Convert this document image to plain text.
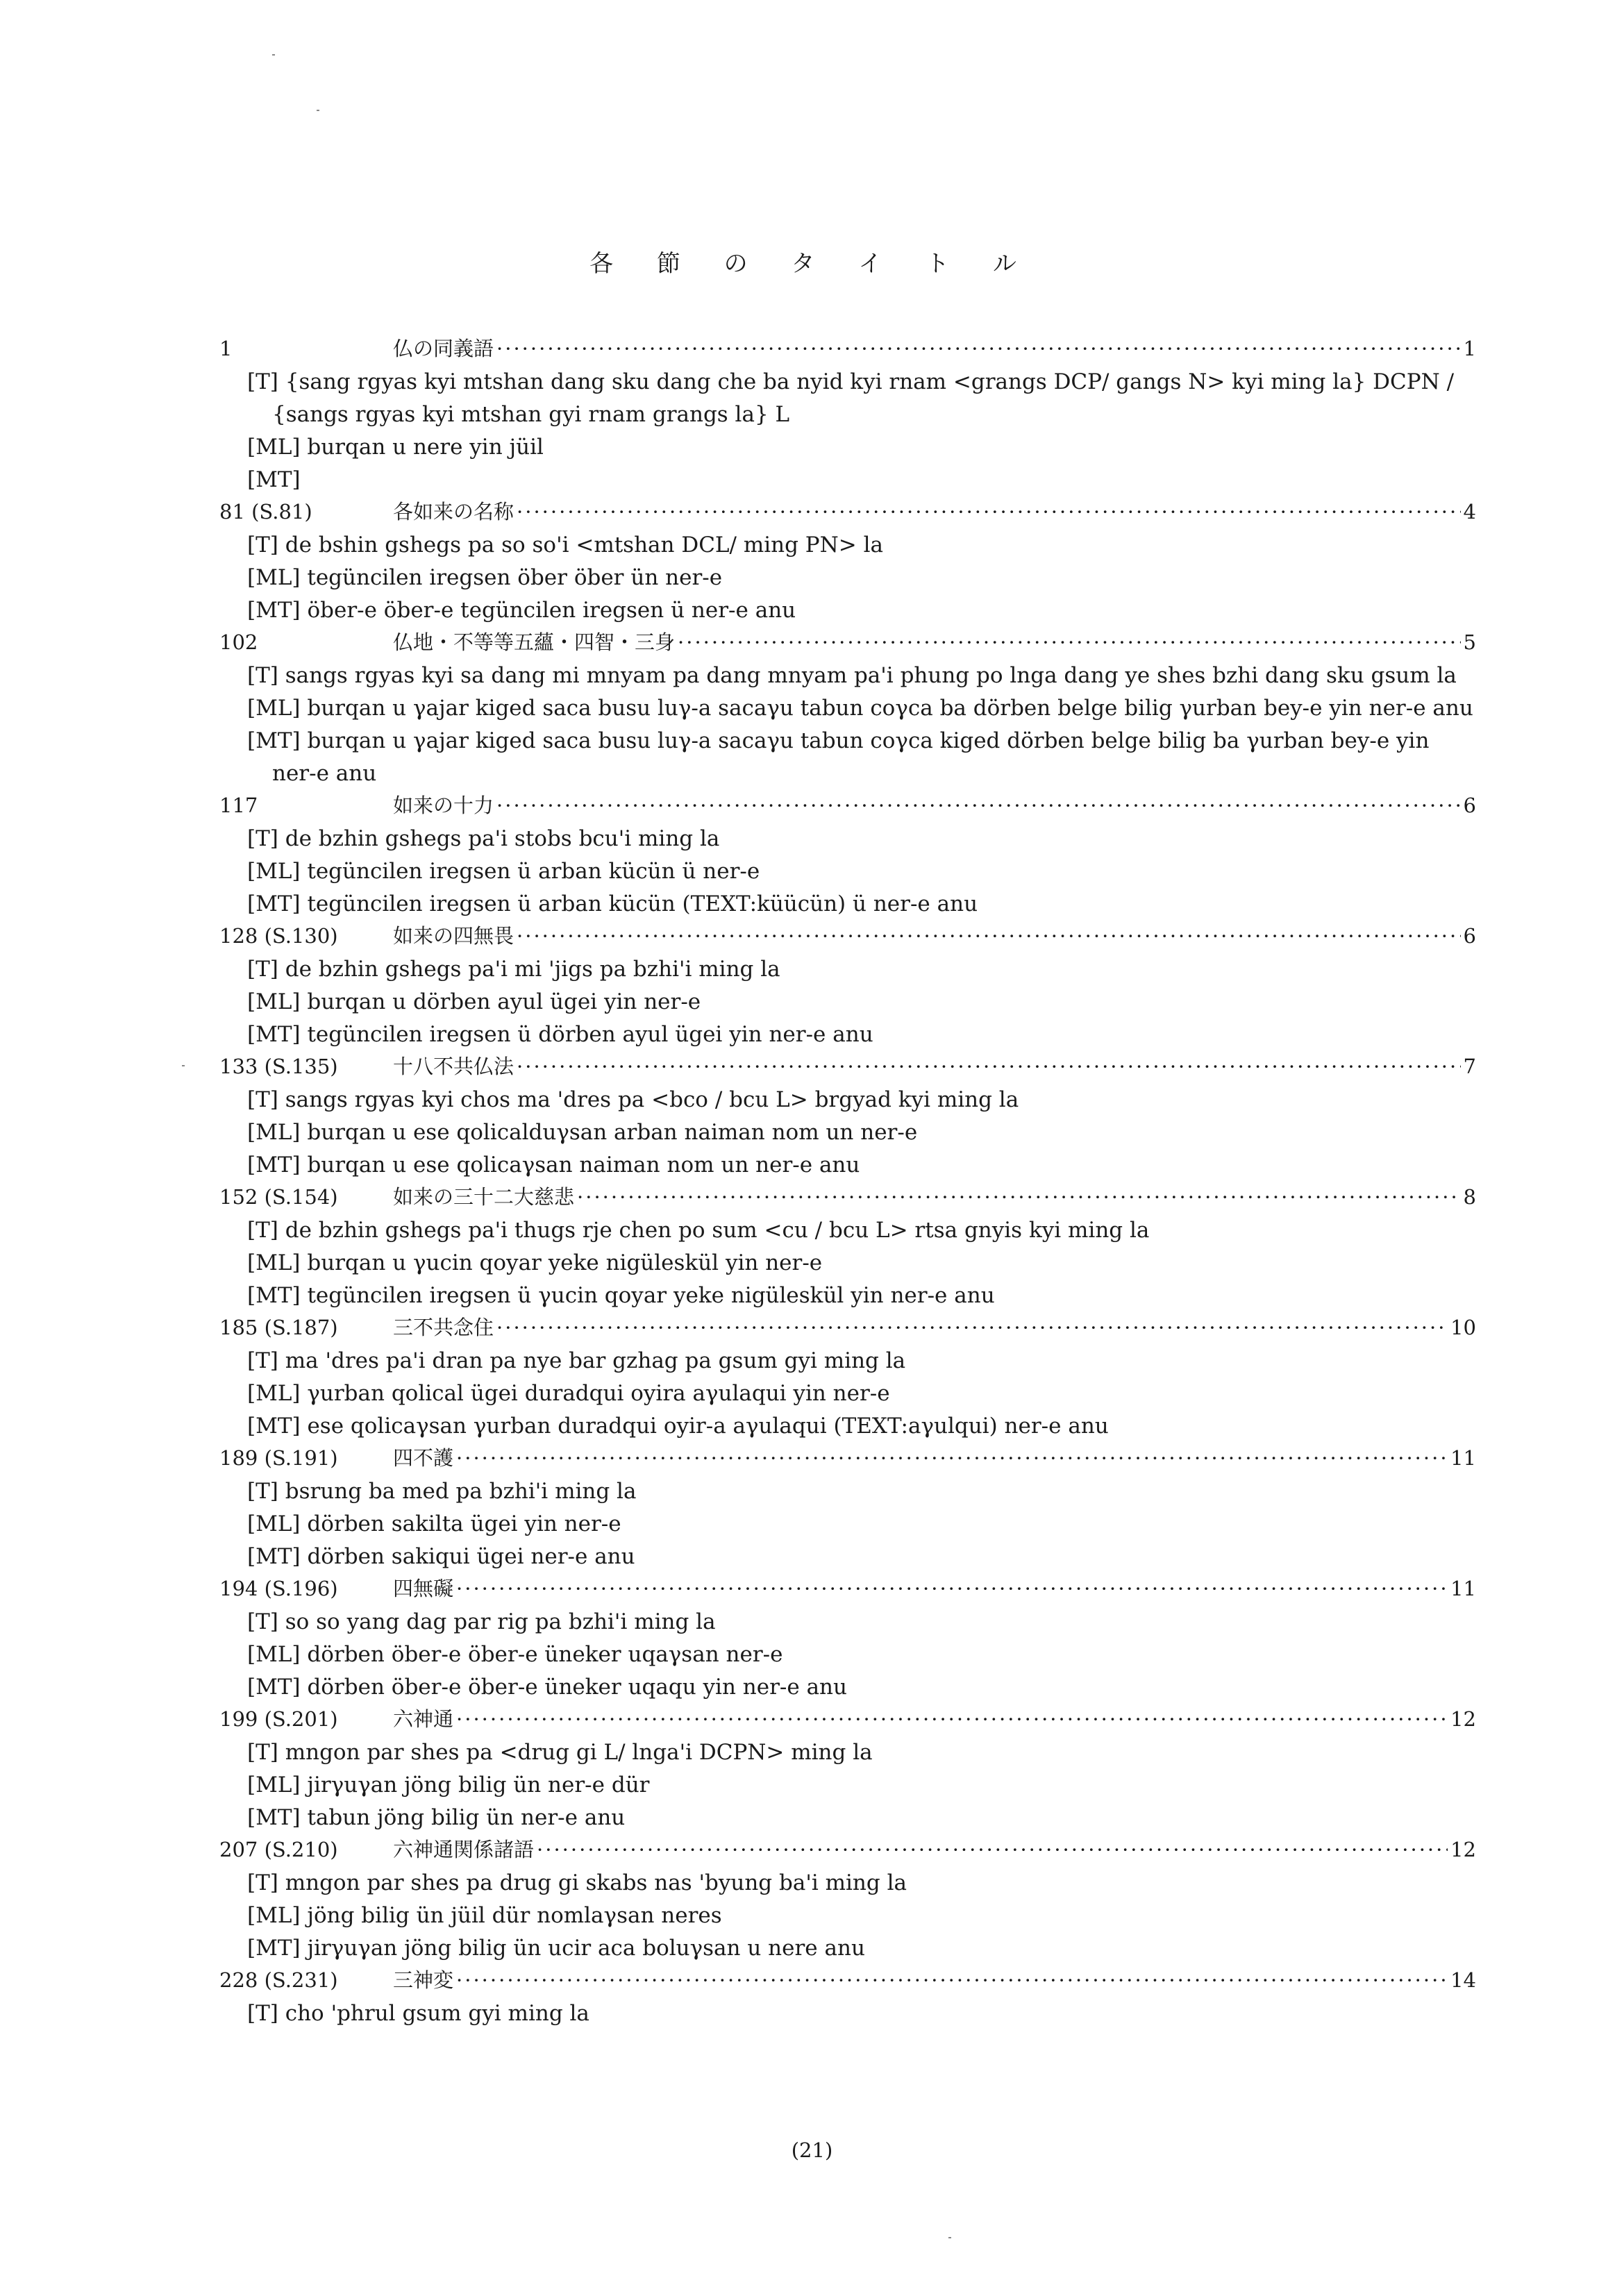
各 節 の タ イ ト ル
1	仏の同義語 ·····	1
[T] {sang rgyas kyi mtshan dang sku dang che ba nyid kyi rnam <grangs DCP/ gangs N> kyi ming la} DCPN / {sangs rgyas kyi mtshan gyi rnam grangs la} L
[ML] burqan u nere yin jüil
[MT]
81 (S.81)	各如来の名称 ·····	4
[T] de bshin gshegs pa so so'i <mtshan DCL/ ming PN> la
[ML] tegüncilen iregsen öber öber ün ner-e
[MT] öber-e öber-e tegüncilen iregsen ü ner-e anu
102	仏地・不等等五蘊・四智・三身 ·····	5
[T] sangs rgyas kyi sa dang mi mnyam pa dang mnyam pa'i phung po lnga dang ye shes bzhi dang sku gsum la
[ML] burqan u γajar kiged saca busu luγ-a sacaγu tabun coγca ba dörben belge bilig γurban bey-e yin ner-e anu
[MT] burqan u γajar kiged saca busu luγ-a sacaγu tabun coγca kiged dörben belge bilig ba γurban bey-e yin ner-e anu
117	如来の十力 ·····	6
[T] de bzhin gshegs pa'i stobs bcu'i ming la
[ML] tegüncilen iregsen ü arban kücün ü ner-e
[MT] tegüncilen iregsen ü arban kücün (TEXT:küücün) ü ner-e anu
128 (S.130)	如来の四無畏 ·····	6
[T] de bzhin gshegs pa'i mi 'jigs pa bzhi'i ming la
[ML] burqan u dörben ayul ügei yin ner-e
[MT] tegüncilen iregsen ü dörben ayul ügei yin ner-e anu
133 (S.135)	十八不共仏法 ·····	7
[T] sangs rgyas kyi chos ma 'dres pa <bco / bcu L> brgyad kyi ming la
[ML] burqan u ese qolicalduγsan arban naiman nom un ner-e
[MT] burqan u ese qolicaγsan naiman nom un ner-e anu
152 (S.154)	如来の三十二大慈悲 ·····	8
[T] de bzhin gshegs pa'i thugs rje chen po sum <cu / bcu L> rtsa gnyis kyi ming la
[ML] burqan u γucin qoyar yeke nigüleskül yin ner-e
[MT] tegüncilen iregsen ü γucin qoyar yeke nigüleskül yin ner-e anu
185 (S.187)	三不共念住 ·····	10
[T] ma 'dres pa'i dran pa nye bar gzhag pa gsum gyi ming la
[ML] γurban qolical ügei duradqui oyira aγulaqui yin ner-e
[MT] ese qolicaγsan γurban duradqui oyir-a aγulaqui (TEXT:aγulqui) ner-e anu
189 (S.191)	四不護 ·····	11
[T] bsrung ba med pa bzhi'i ming la
[ML] dörben sakilta ügei yin ner-e
[MT] dörben sakiqui ügei ner-e anu
194 (S.196)	四無礙 ·····	11
[T] so so yang dag par rig pa bzhi'i ming la
[ML] dörben öber-e öber-e üneker uqaγsan ner-e
[MT] dörben öber-e öber-e üneker uqaqu yin ner-e anu
199 (S.201)	六神通 ·····	12
[T] mngon par shes pa <drug gi L/ lnga'i DCPN> ming la
[ML] jirγuγan jöng bilig ün ner-e dür
[MT] tabun jöng bilig ün ner-e anu
207 (S.210)	六神通関係諸語 ·····	12
[T] mngon par shes pa drug gi skabs nas 'byung ba'i ming la
[ML] jöng bilig ün jüil dür nomlaγsan neres
[MT] jirγuγan jöng bilig ün ucir aca boluγsan u nere anu
228 (S.231)	三神変 ·····	14
[T] cho 'phrul gsum gyi ming la
(21)
